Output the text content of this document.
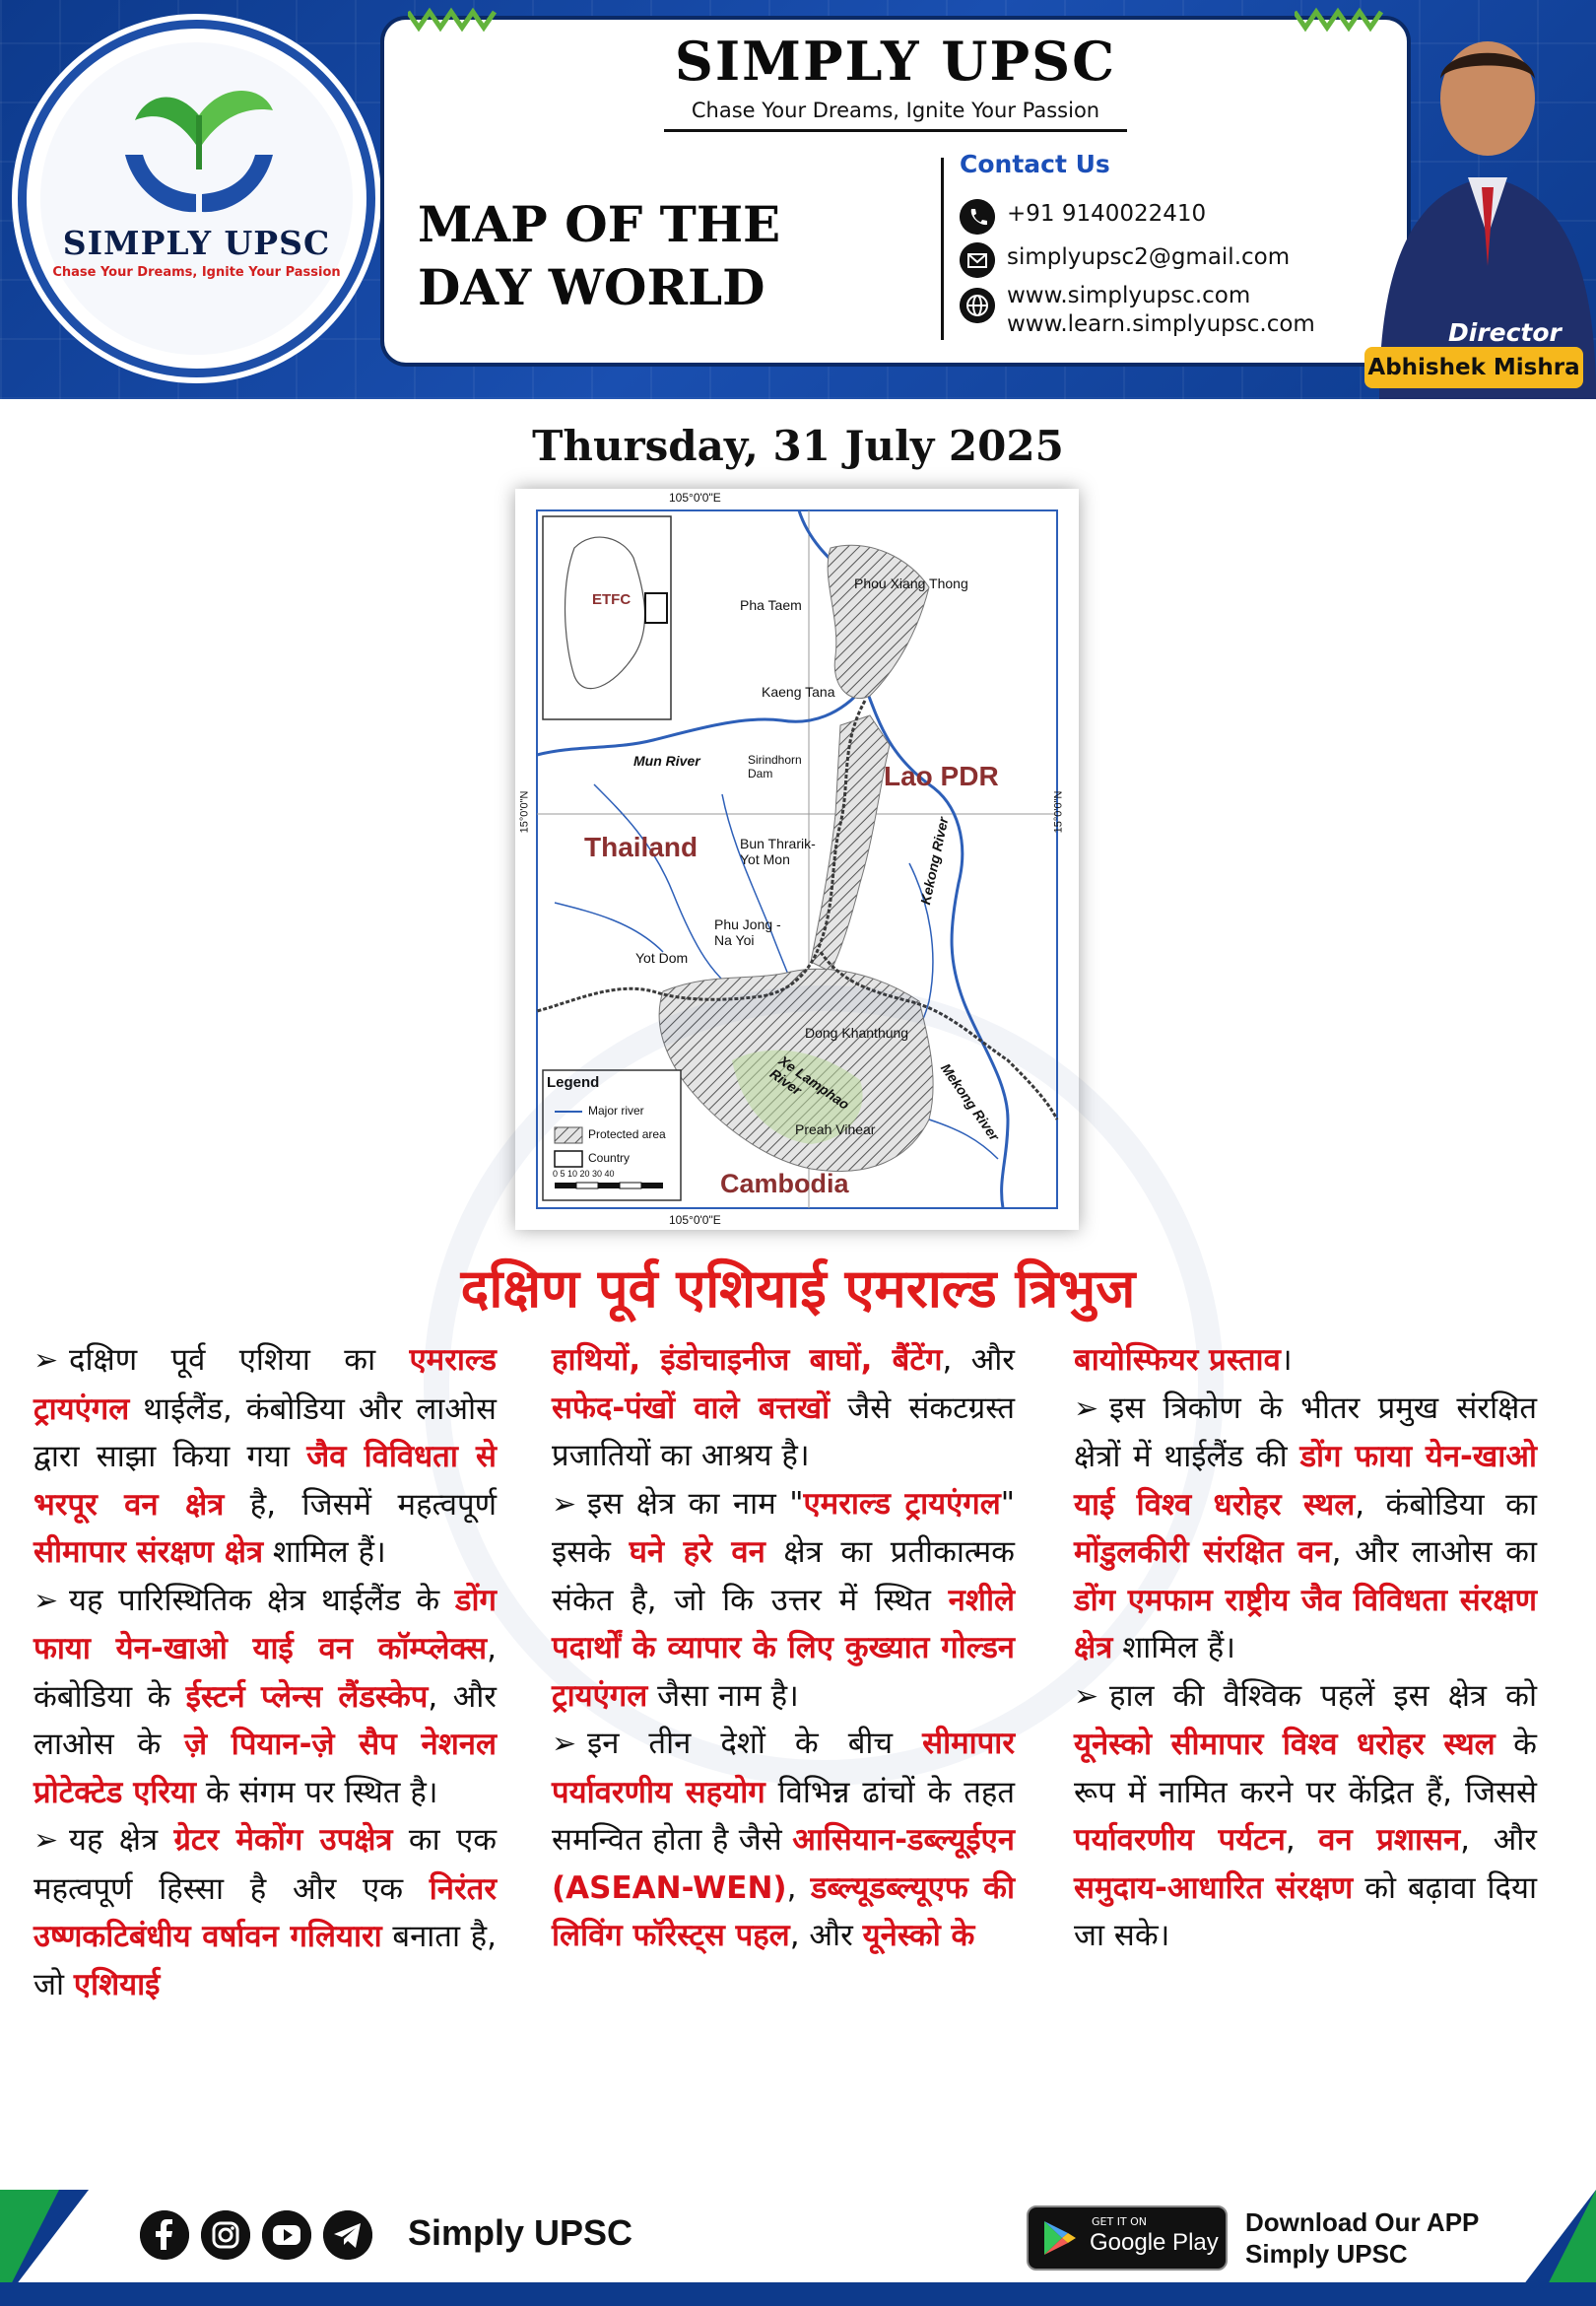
SIMPLY UPSC
Chase Your Dreams, Ignite Your Passion
SIMPLY UPSC
Chase Your Dreams, Ignite Your Passion
MAP OF THE
DAY WORLD
Contact Us
+91 9140022410
simplyupsc2@gmail.com
www.simplyupsc.com
www.learn.simplyupsc.com	Director
Abhishek Mishra
Thursday, 31 July 2025
105°0'0"E
105°0'0"E
15°0'0"N	15°0'0"N
ETFC
Phou Xiang Thong
Pha Taem
Kaeng Tana
Mun River	Sirindhorn
Dam	Lao PDR
Thailand	Bun Thrarik-
Yot Mon	Kekong River
Phu Jong -
Na Yoi
Yot Dom
Dong Khanthung
Xe Lamphao
River
Preah Vihear	Mekong River
Cambodia
Legend
Major river
Protected area
Country
0 5 10 20 30 40
दक्षिण पूर्व एशियाई एमराल्ड त्रिभुज

➢ दक्षिण पूर्व एशिया का एमराल्ड ट्रायएंगल थाईलैंड, कंबोडिया और लाओस द्वारा साझा किया गया जैव विविधता से भरपूर वन क्षेत्र है, जिसमें महत्वपूर्ण सीमापार संरक्षण क्षेत्र शामिल हैं।

➢ यह पारिस्थितिक क्षेत्र थाईलैंड के डोंग फाया येन-खाओ याई वन कॉम्प्लेक्स, कंबोडिया के ईस्टर्न प्लेन्स लैंडस्केप, और लाओस के ज़े पियान-ज़े सैप नेशनल प्रोटेक्टेड एरिया के संगम पर स्थित है।

➢ यह क्षेत्र ग्रेटर मेकोंग उपक्षेत्र का एक महत्वपूर्ण हिस्सा है और एक निरंतर उष्णकटिबंधीय वर्षावन गलियारा बनाता है, जो एशियाई

हाथियों, इंडोचाइनीज बाघों, बैंटेंग, और सफेद-पंखों वाले बत्तखों जैसे संकटग्रस्त प्रजातियों का आश्रय है।

➢ इस क्षेत्र का नाम "एमराल्ड ट्रायएंगल" इसके घने हरे वन क्षेत्र का प्रतीकात्मक संकेत है, जो कि उत्तर में स्थित नशीले पदार्थों के व्यापार के लिए कुख्यात गोल्डन ट्रायएंगल जैसा नाम है।

➢ इन तीन देशों के बीच सीमापार पर्यावरणीय सहयोग विभिन्न ढांचों के तहत समन्वित होता है जैसे आसियान-डब्ल्यूईएन (ASEAN-WEN), डब्ल्यूडब्ल्यूएफ की लिविंग फॉरेस्ट्स पहल, और यूनेस्को के

बायोस्फियर प्रस्ताव।

➢ इस त्रिकोण के भीतर प्रमुख संरक्षित क्षेत्रों में थाईलैंड की डोंग फाया येन-खाओ याई विश्व धरोहर स्थल, कंबोडिया का मोंडुलकीरी संरक्षित वन, और लाओस का डोंग एमफाम राष्ट्रीय जैव विविधता संरक्षण क्षेत्र शामिल हैं।

➢ हाल की वैश्विक पहलें इस क्षेत्र को यूनेस्को सीमापार विश्व धरोहर स्थल के रूप में नामित करने पर केंद्रित हैं, जिससे पर्यावरणीय पर्यटन, वन प्रशासन, और समुदाय-आधारित संरक्षण को बढ़ावा दिया जा सके।

Simply UPSC	GET IT ON
Google Play
Download Our APP
Simply UPSC
